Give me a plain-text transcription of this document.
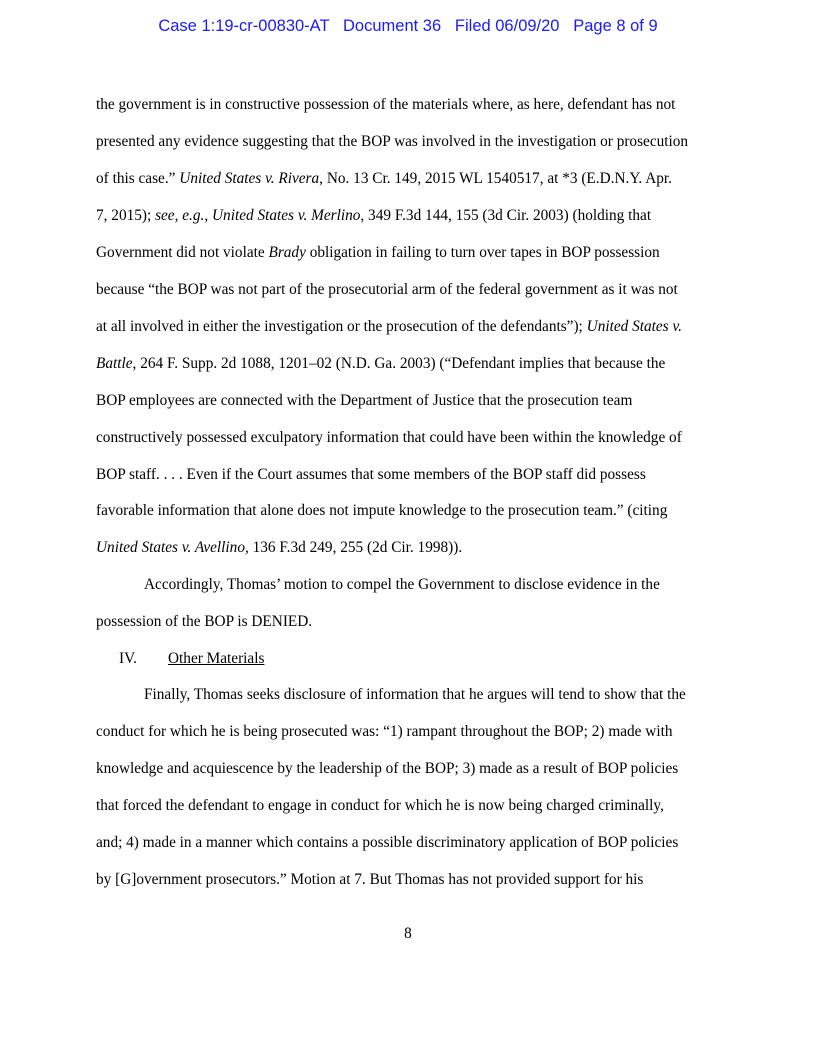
Case 1:19-cr-00830-AT Document 36 Filed 06/09/20 Page 8 of 9
the government is in constructive possession of the materials where, as here, defendant has not
presented any evidence suggesting that the BOP was involved in the investigation or prosecution
of this case.” United States v. Rivera, No. 13 Cr. 149, 2015 WL 1540517, at *3 (E.D.N.Y. Apr.
7, 2015); see, e.g., United States v. Merlino, 349 F.3d 144, 155 (3d Cir. 2003) (holding that
Government did not violate Brady obligation in failing to turn over tapes in BOP possession
because “the BOP was not part of the prosecutorial arm of the federal government as it was not
at all involved in either the investigation or the prosecution of the defendants”); United States v.
Battle, 264 F. Supp. 2d 1088, 1201–02 (N.D. Ga. 2003) (“Defendant implies that because the
BOP employees are connected with the Department of Justice that the prosecution team
constructively possessed exculpatory information that could have been within the knowledge of
BOP staff. . . . Even if the Court assumes that some members of the BOP staff did possess
favorable information that alone does not impute knowledge to the prosecution team.” (citing
United States v. Avellino, 136 F.3d 249, 255 (2d Cir. 1998)).
Accordingly, Thomas’ motion to compel the Government to disclose evidence in the
possession of the BOP is DENIED.
IV. Other Materials
Finally, Thomas seeks disclosure of information that he argues will tend to show that the
conduct for which he is being prosecuted was: “1) rampant throughout the BOP; 2) made with
knowledge and acquiescence by the leadership of the BOP; 3) made as a result of BOP policies
that forced the defendant to engage in conduct for which he is now being charged criminally,
and; 4) made in a manner which contains a possible discriminatory application of BOP policies
by [G]overnment prosecutors.” Motion at 7. But Thomas has not provided support for his
8
